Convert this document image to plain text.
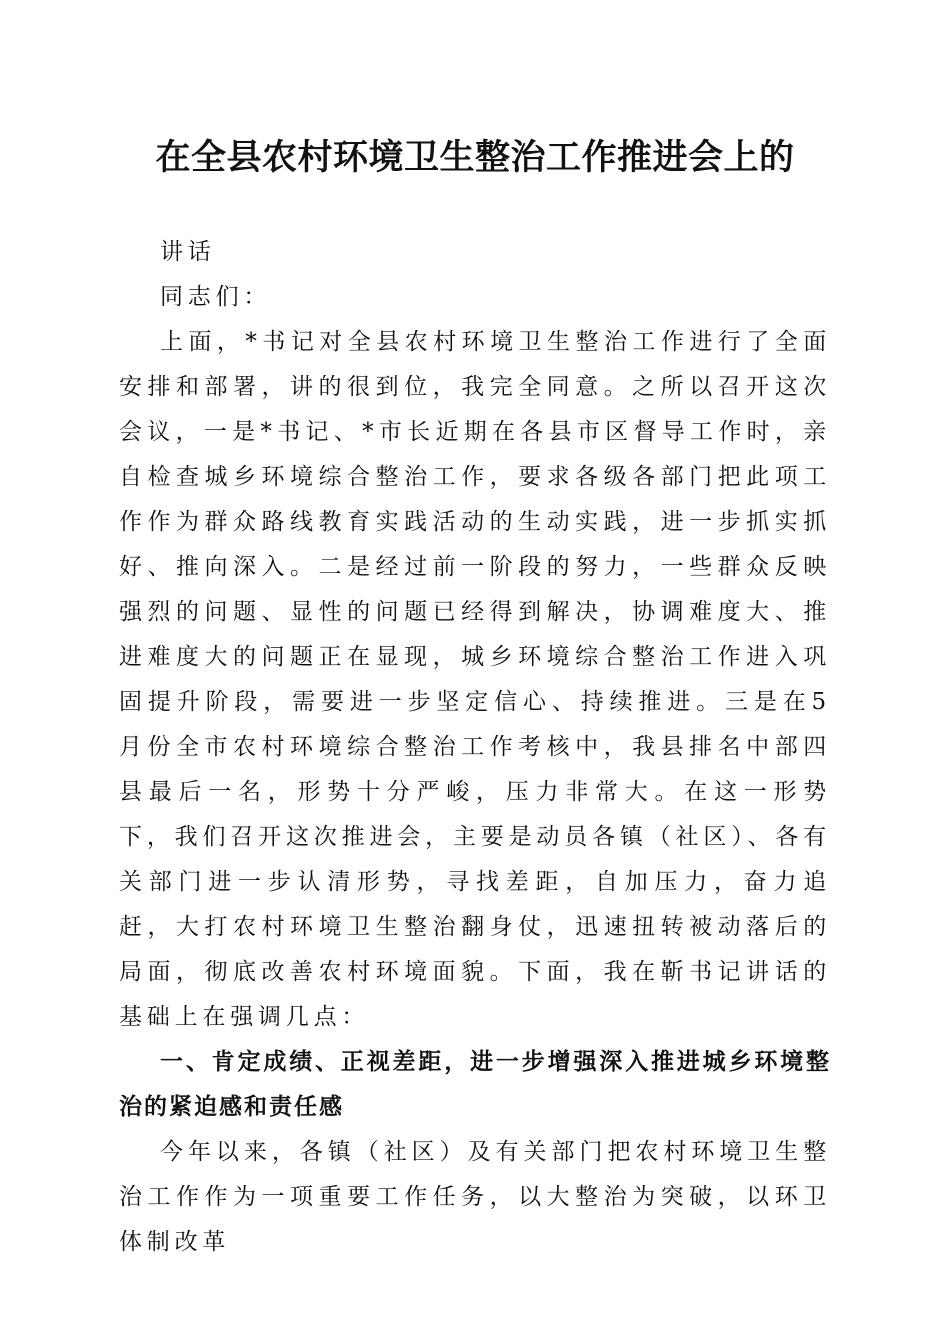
在全县农村环境卫生整治工作推进会上的

讲话

同志们：

上面，*书记对全县农村环境卫生整治工作进行了全面安排和部署，讲的很到位，我完全同意。之所以召开这次会议，一是*书记、*市长近期在各县市区督导工作时，亲自检查城乡环境综合整治工作，要求各级各部门把此项工作作为群众路线教育实践活动的生动实践，进一步抓实抓好、推向深入。二是经过前一阶段的努力，一些群众反映强烈的问题、显性的问题已经得到解决，协调难度大、推进难度大的问题正在显现，城乡环境综合整治工作进入巩固提升阶段，需要进一步坚定信心、持续推进。三是在5月份全市农村环境综合整治工作考核中，我县排名中部四县最后一名，形势十分严峻，压力非常大。在这一形势下，我们召开这次推进会，主要是动员各镇（社区）、各有关部门进一步认清形势，寻找差距，自加压力，奋力追赶，大打农村环境卫生整治翻身仗，迅速扭转被动落后的局面，彻底改善农村环境面貌。下面，我在靳书记讲话的基础上在强调几点：

一、肯定成绩、正视差距，进一步增强深入推进城乡环境整治的紧迫感和责任感

今年以来，各镇（社区）及有关部门把农村环境卫生整治工作作为一项重要工作任务，以大整治为突破，以环卫体制改革
